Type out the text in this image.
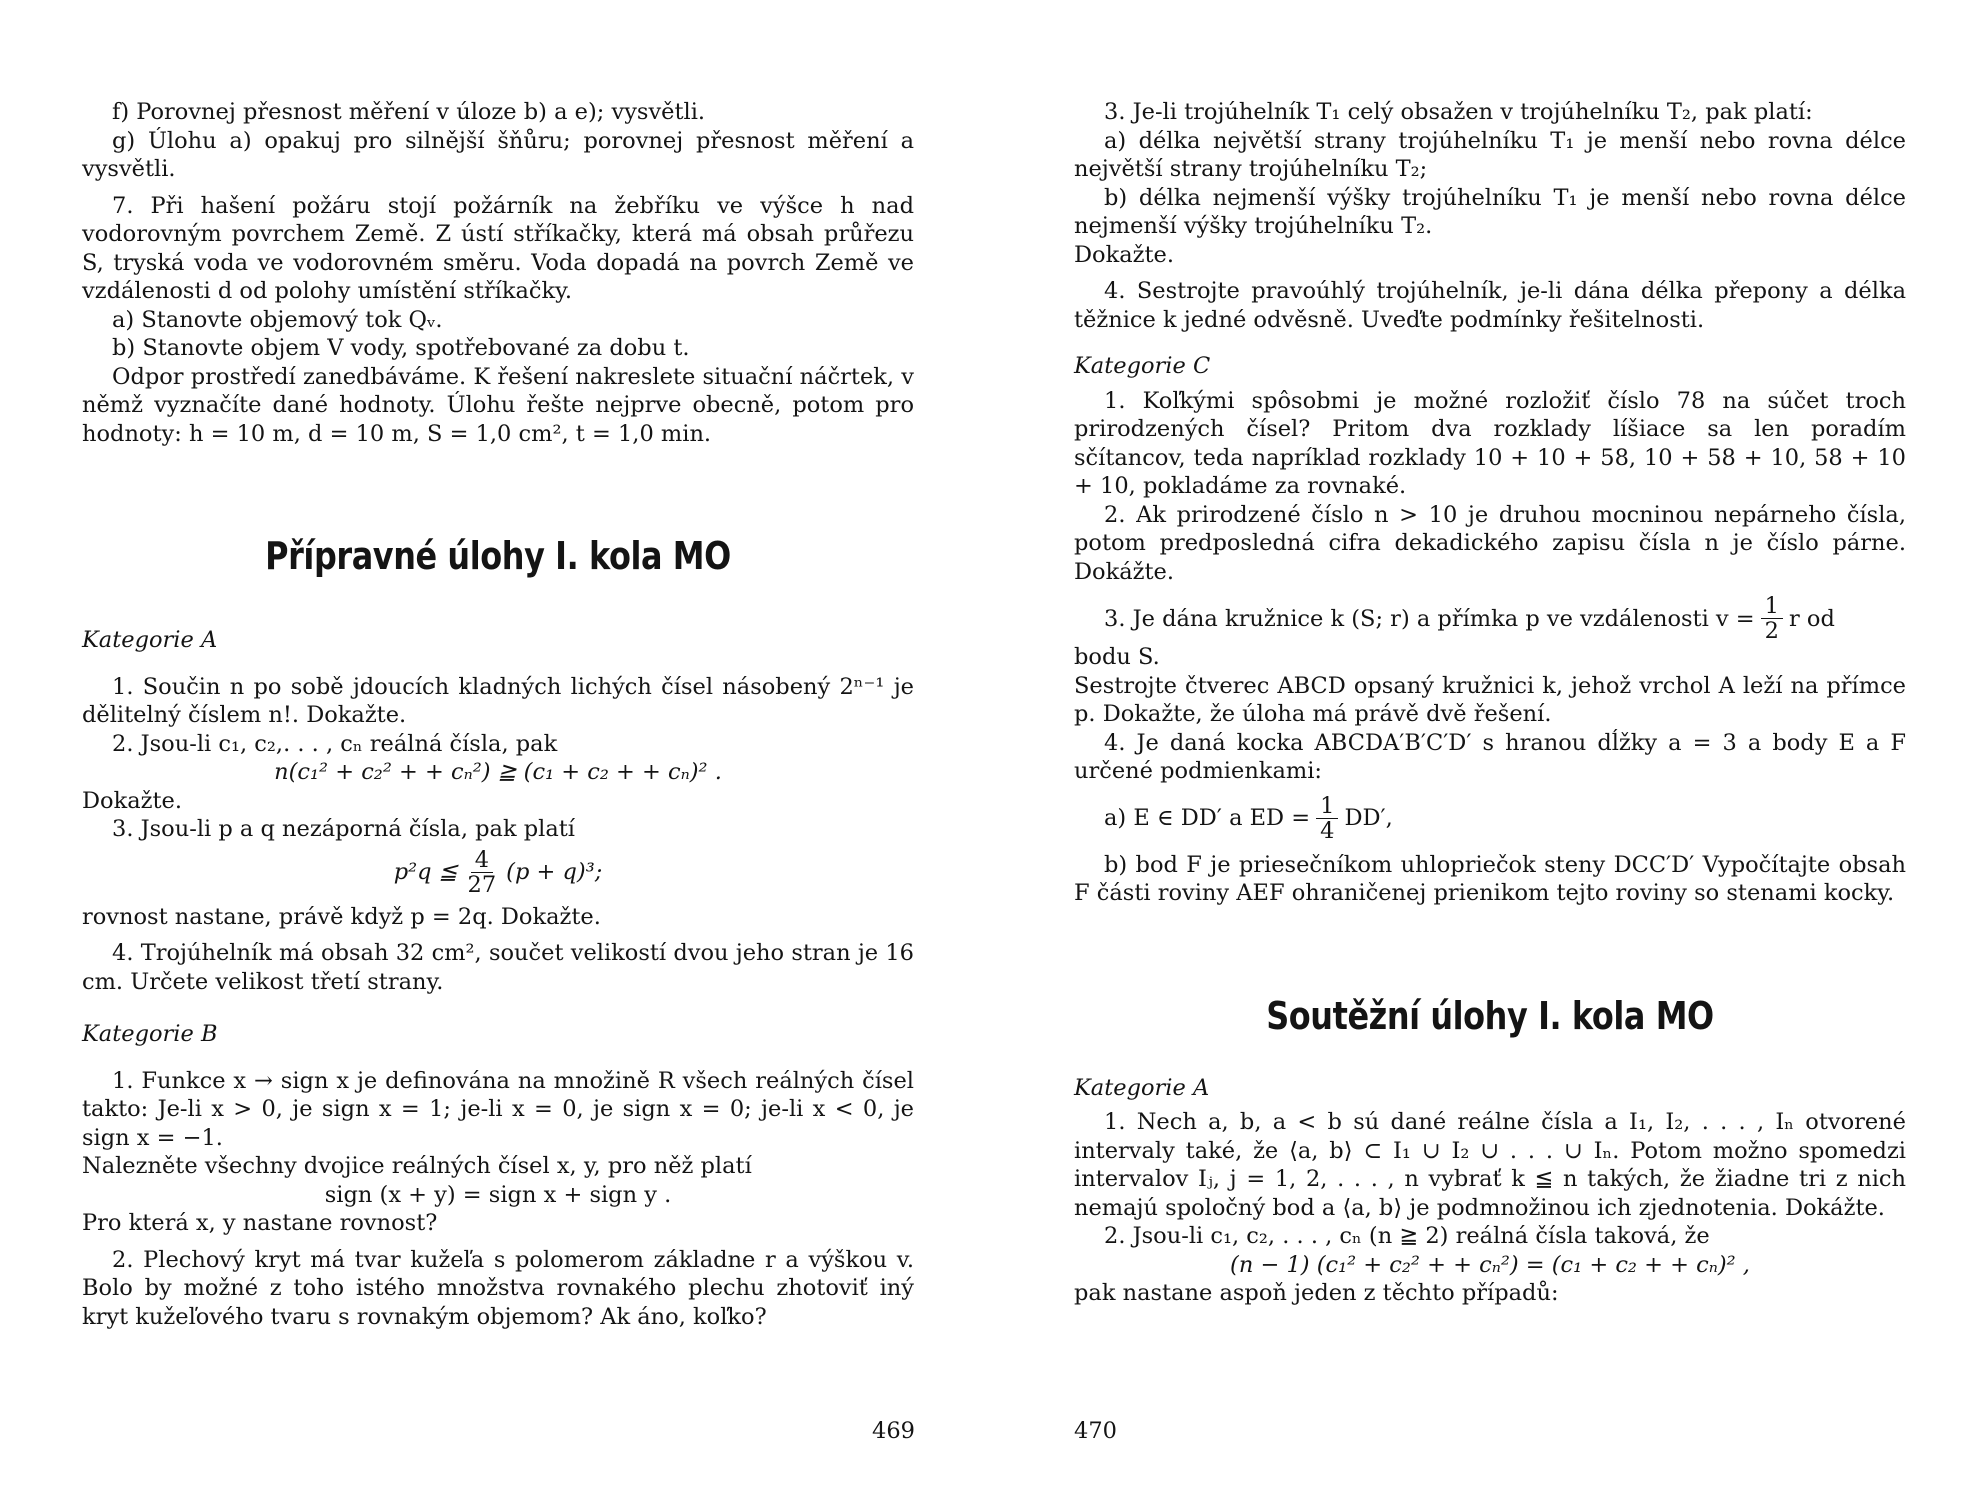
f) Porovnej přesnost měření v úloze b) a e); vysvětli.

g) Úlohu a) opakuj pro silnější šňůru; porovnej přesnost měření a vysvětli.

7. Při hašení požáru stojí požárník na žebříku ve výšce h nad vodorovným povrchem Země. Z ústí stříkačky, která má obsah průřezu S, tryská voda ve vodorovném směru. Voda dopadá na povrch Země ve vzdálenosti d od polohy umístění stříkačky.

a) Stanovte objemový tok Qᵥ.

b) Stanovte objem V vody, spotřebované za dobu t.

Odpor prostředí zanedbáváme. K řešení nakreslete situační náčrtek, v němž vyznačíte dané hodnoty. Úlohu řešte nejprve obecně, potom pro hodnoty: h = 10 m, d = 10 m, S = 1,0 cm², t = 1,0 min.

Přípravné úlohy I. kola MO
Kategorie A

1. Součin n po sobě jdoucích kladných lichých čísel násobený 2ⁿ⁻¹ je dělitelný číslem n!. Dokažte.

2. Jsou-li c₁, c₂,. . . , cₙ reálná čísla, pak

n(c₁² + c₂² + + cₙ²) ≧ (c₁ + c₂ + + cₙ)² .

Dokažte.

3. Jsou-li p a q nezáporná čísla, pak platí

p²q ≦ $\frac{4}{27} (p + q)^3$;

rovnost nastane, právě když p = 2q. Dokažte.

4. Trojúhelník má obsah 32 cm², součet velikostí dvou jeho stran je 16 cm. Určete velikost třetí strany.

Kategorie B

1. Funkce x → sign x je definována na množině R všech reálných čísel takto: Je-li x > 0, je sign x = 1; je-li x = 0, je sign x = 0; je-li x < 0, je sign x = −1.

Nalezněte všechny dvojice reálných čísel x, y, pro něž platí

sign (x + y) = sign x + sign y .

Pro která x, y nastane rovnost?

2. Plechový kryt má tvar kužeľa s polomerom základne r a výškou v. Bolo by možné z toho istého množstva rovnakého plechu zhotoviť iný kryt kužeľového tvaru s rovnakým objemom? Ak áno, koľko?

469

3. Je-li trojúhelník T₁ celý obsažen v trojúhelníku T₂, pak platí:

a) délka největší strany trojúhelníku T₁ je menší nebo rovna délce největší strany trojúhelníku T₂;

b) délka nejmenší výšky trojúhelníku T₁ je menší nebo rovna délce nejmenší výšky trojúhelníku T₂.

Dokažte.

4. Sestrojte pravoúhlý trojúhelník, je-li dána délka přepony a délka těžnice k jedné odvěsně. Uveďte podmínky řešitelnosti.

Kategorie C

1. Koľkými spôsobmi je možné rozložiť číslo 78 na súčet troch prirodzených čísel? Pritom dva rozklady líšiace sa len poradím sčítancov, teda napríklad rozklady 10 + 10 + 58, 10 + 58 + 10, 58 + 10 + 10, pokladáme za rovnaké.

2. Ak prirodzené číslo n > 10 je druhou mocninou nepárneho čísla, potom predposledná cifra dekadického zapisu čísla n je číslo párne. Dokážte.

3. Je dána kružnice k (S; r) a přímka p ve vzdálenosti $v = \frac{1}{2}$ r od

bodu S.

Sestrojte čtverec ABCD opsaný kružnici k, jehož vrchol A leží na přímce p. Dokažte, že úloha má právě dvě řešení.

4. Je daná kocka ABCDA′B′C′D′ s hranou dĺžky a = 3 a body E a F určené podmienkami:

a) E ∈ DD′ a ED = $\frac{1}{4} DD'$,

b) bod F je priesečníkom uhlopriečok steny DCC′D′ Vypočítajte obsah F části roviny AEF ohraničenej prienikom tejto roviny so stenami kocky.

Soutěžní úlohy I. kola MO
Kategorie A

1. Nech a, b, a < b sú dané reálne čísla a I₁, I₂, . . . , Iₙ otvorené intervaly také, že ⟨a, b⟩ ⊂ I₁ ∪ I₂ ∪ . . . ∪ Iₙ. Potom možno spomedzi intervalov Iⱼ, j = 1, 2, . . . , n vybrať k ≦ n takých, že žiadne tri z nich nemajú spoločný bod a ⟨a, b⟩ je podmnožinou ich zjednotenia. Dokážte.

2. Jsou-li c₁, c₂, . . . , cₙ (n ≧ 2) reálná čísla taková, že

(n − 1) (c₁² + c₂² + + cₙ²) = (c₁ + c₂ + + cₙ)² ,

pak nastane aspoň jeden z těchto případů:

470
